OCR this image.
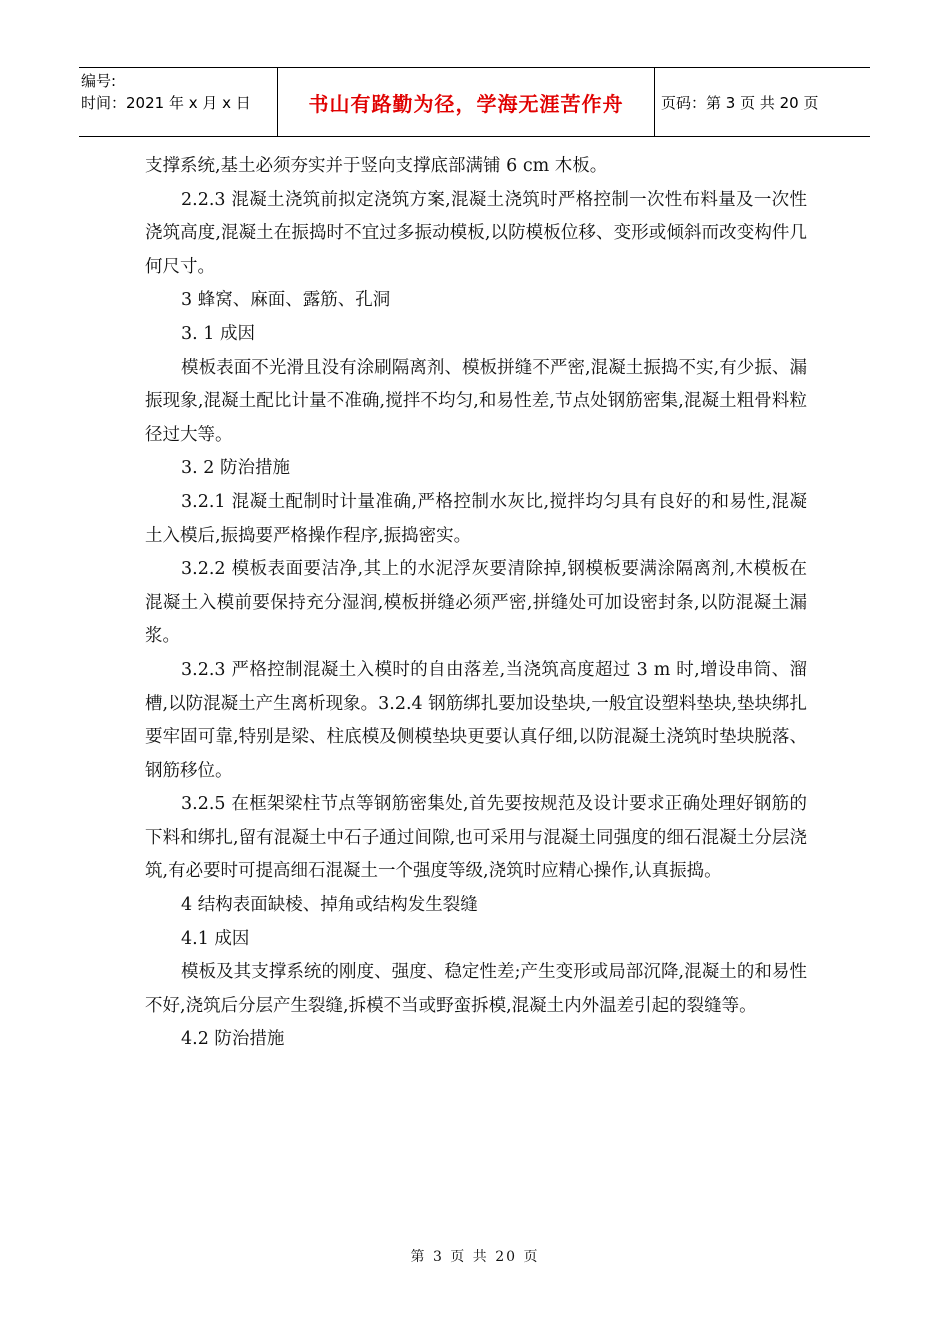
编号:
时间：2021 年 x 月 x 日	书山有路勤为径，学海无涯苦作舟	页码：第 3 页 共 20 页

支撑系统,基土必须夯实并于竖向支撑底部满铺 6 cm 木板。

2.2.3 混凝土浇筑前拟定浇筑方案,混凝土浇筑时严格控制一次性布料量及一次性浇筑高度,混凝土在振捣时不宜过多振动模板,以防模板位移、变形或倾斜而改变构件几何尺寸。

3 蜂窝、麻面、露筋、孔洞

3. 1 成因

模板表面不光滑且没有涂刷隔离剂、模板拼缝不严密,混凝土振捣不实,有少振、漏振现象,混凝土配比计量不准确,搅拌不均匀,和易性差,节点处钢筋密集,混凝土粗骨料粒径过大等。

3. 2 防治措施

3.2.1 混凝土配制时计量准确,严格控制水灰比,搅拌均匀具有良好的和易性,混凝土入模后,振捣要严格操作程序,振捣密实。

3.2.2 模板表面要洁净,其上的水泥浮灰要清除掉,钢模板要满涂隔离剂,木模板在混凝土入模前要保持充分湿润,模板拼缝必须严密,拼缝处可加设密封条,以防混凝土漏浆。

3.2.3 严格控制混凝土入模时的自由落差,当浇筑高度超过 3 m 时,增设串筒、溜槽,以防混凝土产生离析现象。3.2.4 钢筋绑扎要加设垫块,一般宜设塑料垫块,垫块绑扎要牢固可靠,特别是梁、柱底模及侧模垫块更要认真仔细,以防混凝土浇筑时垫块脱落、钢筋移位。

3.2.5 在框架梁柱节点等钢筋密集处,首先要按规范及设计要求正确处理好钢筋的下料和绑扎,留有混凝土中石子通过间隙,也可采用与混凝土同强度的细石混凝土分层浇筑,有必要时可提高细石混凝土一个强度等级,浇筑时应精心操作,认真振捣。

4 结构表面缺棱、掉角或结构发生裂缝

4.1 成因

模板及其支撑系统的刚度、强度、稳定性差;产生变形或局部沉降,混凝土的和易性不好,浇筑后分层产生裂缝,拆模不当或野蛮拆模,混凝土内外温差引起的裂缝等。

4.2 防治措施

第 3 页 共 20 页
